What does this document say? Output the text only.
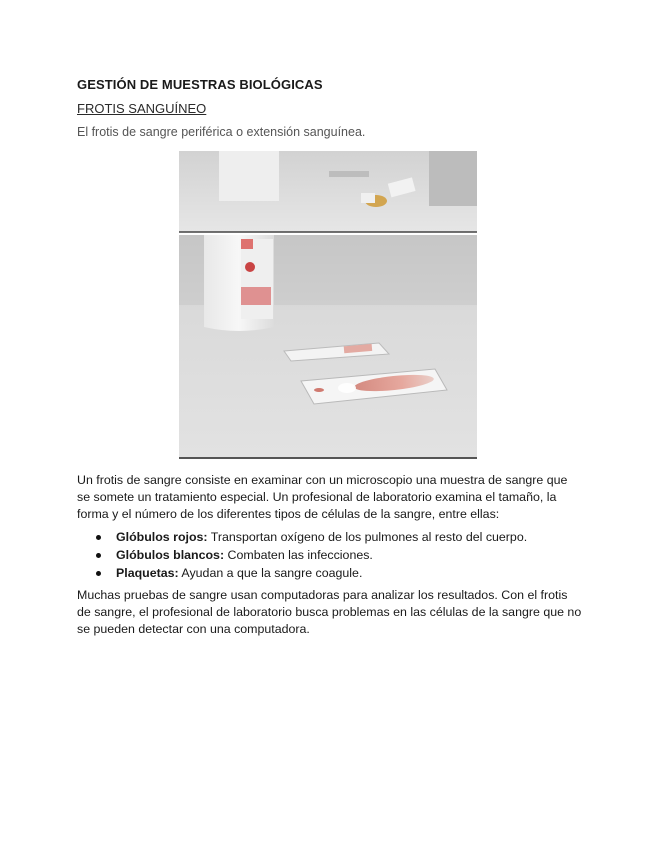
GESTIÓN DE MUESTRAS BIOLÓGICAS
FROTIS SANGUÍNEO
El frotis de sangre periférica o extensión sanguínea.
Un frotis de sangre consiste en examinar con un microscopio una muestra de sangre que se somete un tratamiento especial. Un profesional de laboratorio examina el tamaño, la forma y el número de los diferentes tipos de células de la sangre, entre ellas:
Glóbulos rojos: Transportan oxígeno de los pulmones al resto del cuerpo.
Glóbulos blancos: Combaten las infecciones.
Plaquetas: Ayudan a que la sangre coagule.
Muchas pruebas de sangre usan computadoras para analizar los resultados. Con el frotis de sangre, el profesional de laboratorio busca problemas en las células de la sangre que no se pueden detectar con una computadora.
